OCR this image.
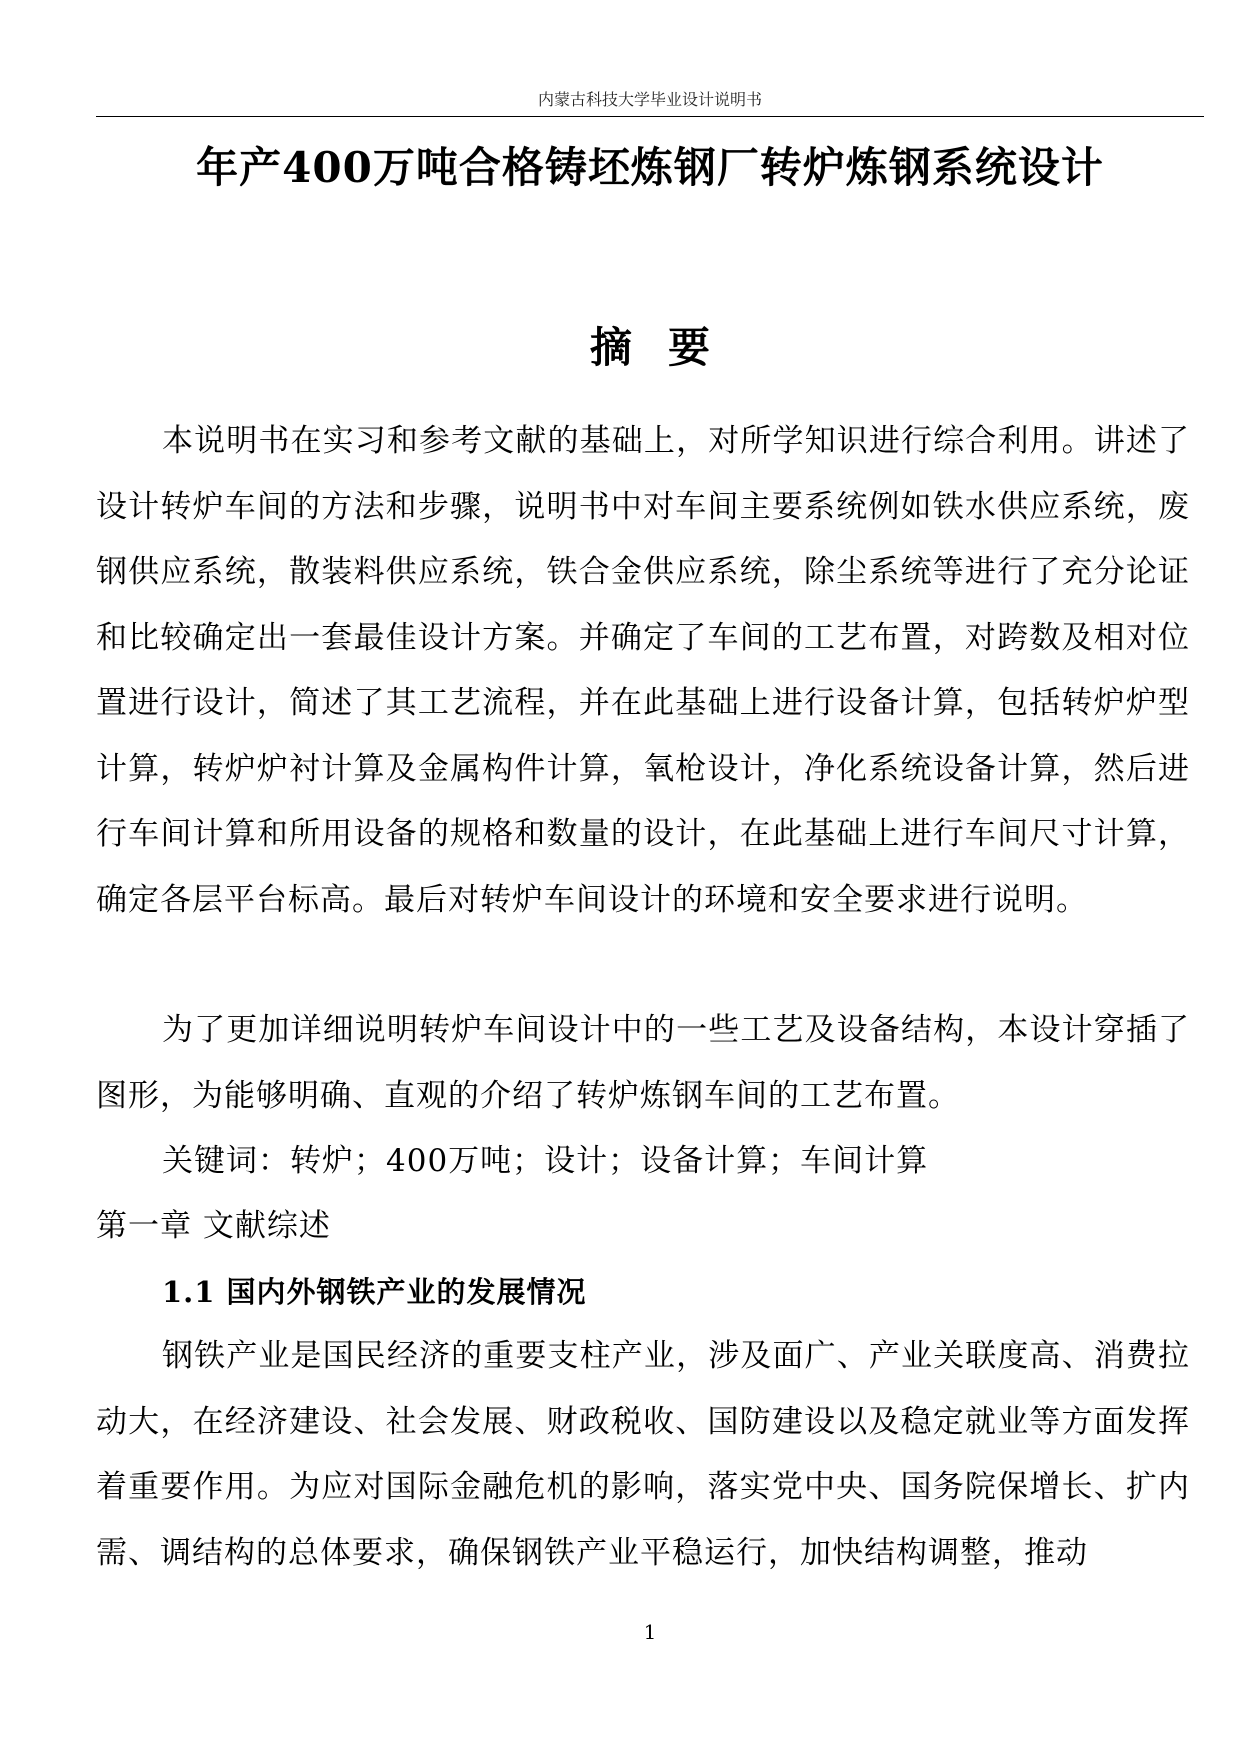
内蒙古科技大学毕业设计说明书
年产400万吨合格铸坯炼钢厂转炉炼钢系统设计
摘要

本说明书在实习和参考文献的基础上，对所学知识进行综合利用。讲述了设计转炉车间的方法和步骤，说明书中对车间主要系统例如铁水供应系统，废钢供应系统，散装料供应系统，铁合金供应系统，除尘系统等进行了充分论证和比较确定出一套最佳设计方案。并确定了车间的工艺布置，对跨数及相对位置进行设计，简述了其工艺流程，并在此基础上进行设备计算，包括转炉炉型计算，转炉炉衬计算及金属构件计算，氧枪设计，净化系统设备计算，然后进行车间计算和所用设备的规格和数量的设计，在此基础上进行车间尺寸计算，确定各层平台标高。最后对转炉车间设计的环境和安全要求进行说明。

为了更加详细说明转炉车间设计中的一些工艺及设备结构，本设计穿插了图形，为能够明确、直观的介绍了转炉炼钢车间的工艺布置。

关键词：转炉；400万吨；设计；设备计算；车间计算

第一章 文献综述

1.1 国内外钢铁产业的发展情况

钢铁产业是国民经济的重要支柱产业，涉及面广、产业关联度高、消费拉动大，在经济建设、社会发展、财政税收、国防建设以及稳定就业等方面发挥着重要作用。为应对国际金融危机的影响，落实党中央、国务院保增长、扩内需、调结构的总体要求，确保钢铁产业平稳运行，加快结构调整，推动

1
